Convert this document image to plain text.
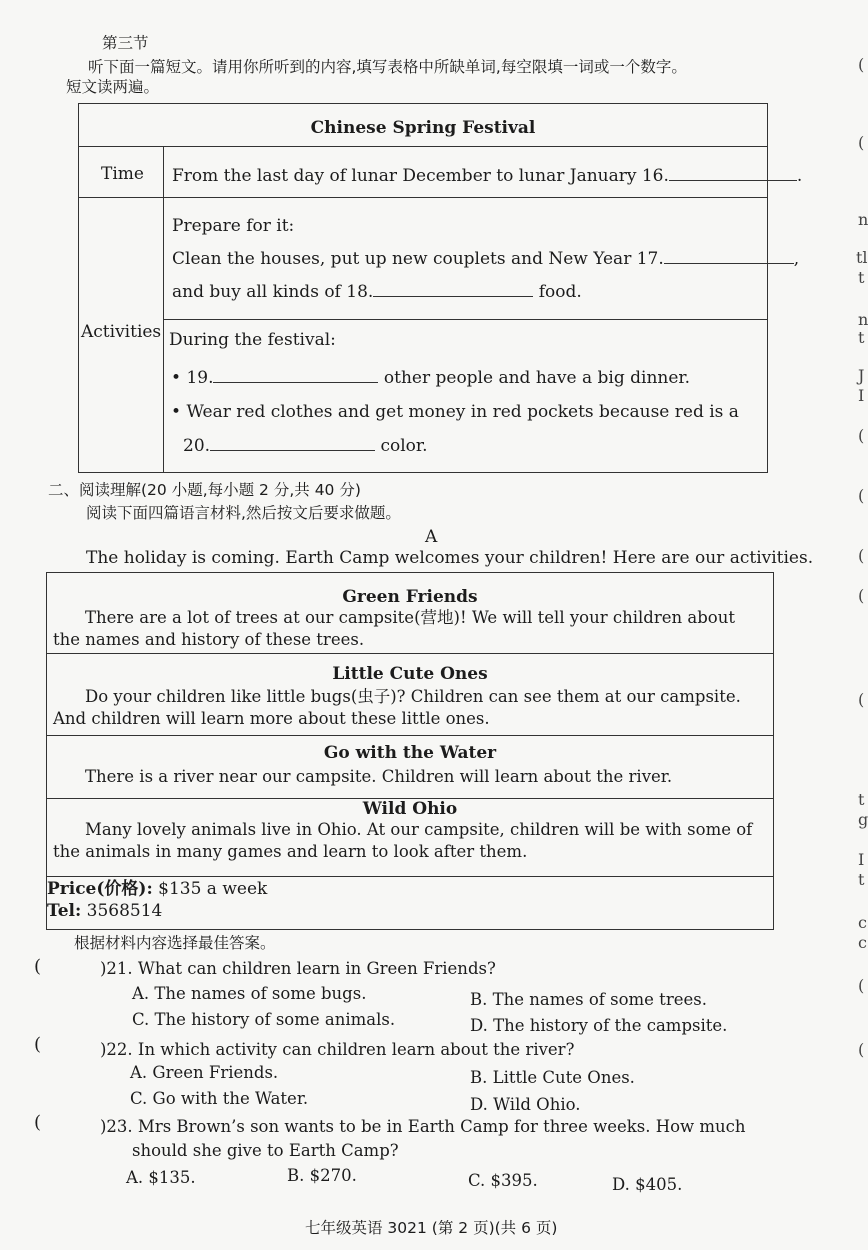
第三节
听下面一篇短文。请用你所听到的内容,填写表格中所缺单词,每空限填一词或一个数字。
短文读两遍。
Chinese Spring Festival
Time From the last day of lunar December to lunar January 16.	.
Activities
Prepare for it:
Clean the houses, put up new couplets and New Year 17.	,
and buy all kinds of 18.	food.
During the festival:
• 19.	other people and have a big dinner.
• Wear red clothes and get money in red pockets because red is a
20.	color.
二、阅读理解(20 小题,每小题 2 分,共 40 分)
阅读下面四篇语言材料,然后按文后要求做题。
A
The holiday is coming. Earth Camp welcomes your children! Here are our activities.
Green Friends
There are a lot of trees at our campsite(营地)! We will tell your children about the names and history of these trees.
Little Cute Ones
Do your children like little bugs(虫子)? Children can see them at our campsite. And children will learn more about these little ones.
Go with the Water
There is a river near our campsite. Children will learn about the river.
Wild Ohio
Many lovely animals live in Ohio. At our campsite, children will be with some of the animals in many games and learn to look after them.
Price(价格): $135 a week
Tel: 3568514
根据材料内容选择最佳答案。
(	)21. What can children learn in Green Friends?
A. The names of some bugs.	B. The names of some trees.
C. The history of some animals.	D. The history of the campsite.
(	)22. In which activity can children learn about the river?
A. Green Friends.	B. Little Cute Ones.
C. Go with the Water.	D. Wild Ohio.
(	)23. Mrs Brown’s son wants to be in Earth Camp for three weeks. How much
should she give to Earth Camp?
A. $135.	B. $270.	C. $395.	D. $405.
七年级英语 3021 (第 2 页)(共 6 页)
(
(
n
tl
t
n
t
J
I
(
(
(
(
(
t
g
I
t
c
c
(
(
